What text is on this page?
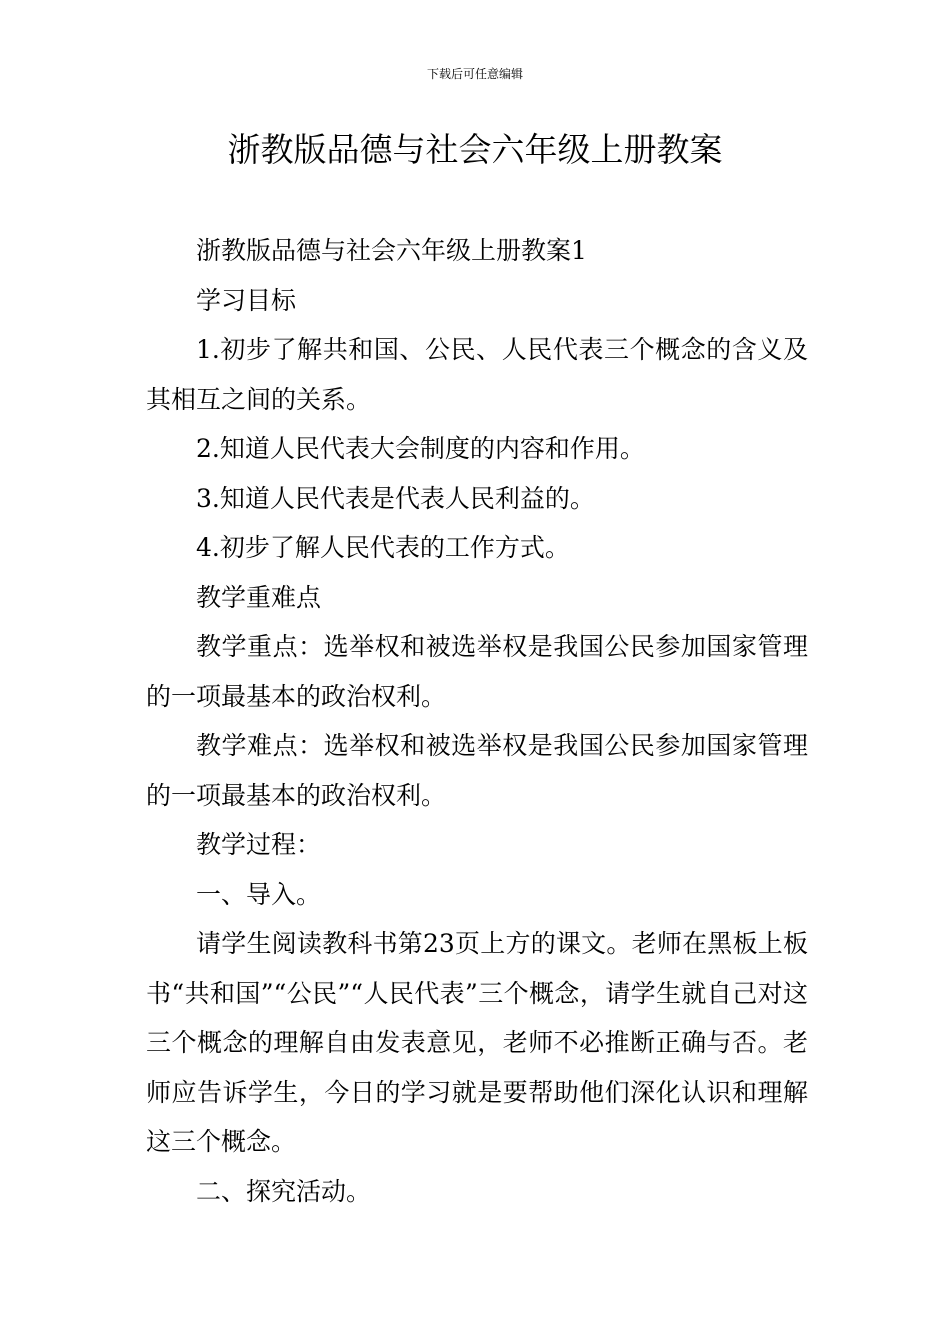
下载后可任意编辑
浙教版品德与社会六年级上册教案

浙教版品德与社会六年级上册教案1

学习目标

1.初步了解共和国、公民、人民代表三个概念的含义及其相互之间的关系。

2.知道人民代表大会制度的内容和作用。

3.知道人民代表是代表人民利益的。

4.初步了解人民代表的工作方式。

教学重难点

教学重点：选举权和被选举权是我国公民参加国家管理的一项最基本的政治权利。

教学难点：选举权和被选举权是我国公民参加国家管理的一项最基本的政治权利。

教学过程：

一、导入。

请学生阅读教科书第23页上方的课文。老师在黑板上板书“共和国”“公民”“人民代表”三个概念，请学生就自己对这三个概念的理解自由发表意见，老师不必推断正确与否。老师应告诉学生，今日的学习就是要帮助他们深化认识和理解这三个概念。

二、探究活动。
